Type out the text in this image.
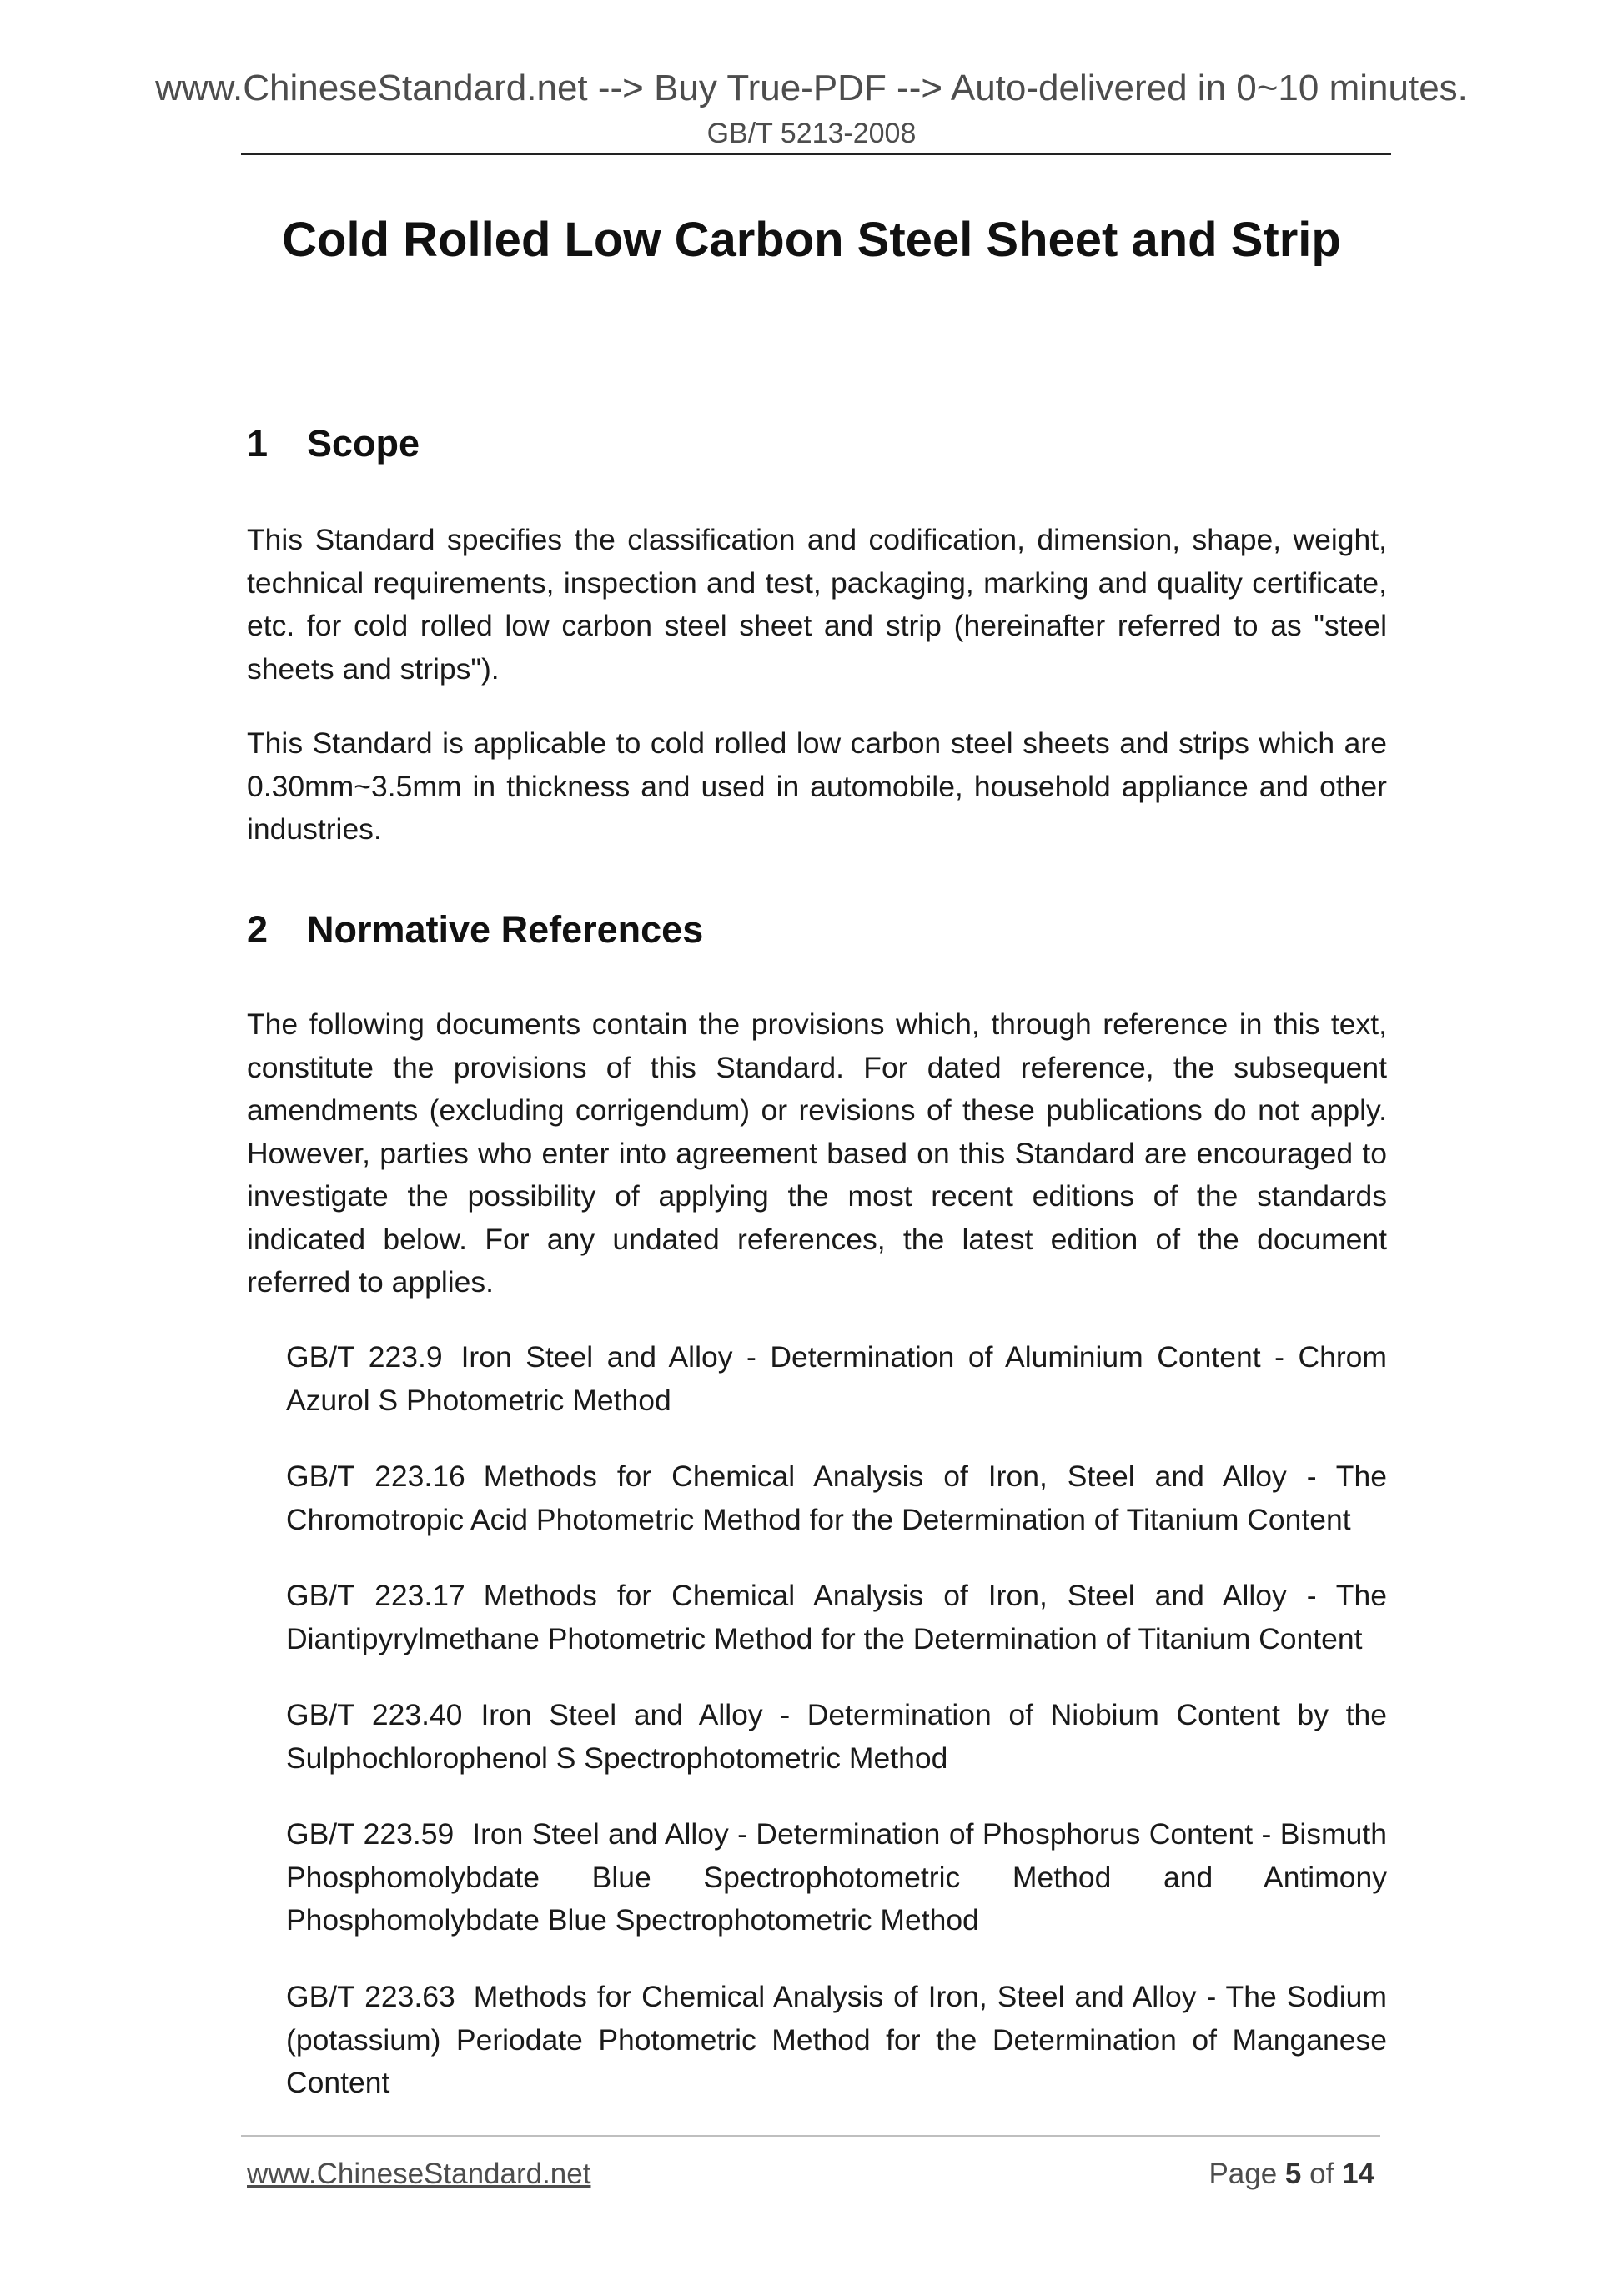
www.ChineseStandard.net --> Buy True-PDF --> Auto-delivered in 0~10 minutes.
GB/T 5213-2008
Cold Rolled Low Carbon Steel Sheet and Strip
1 Scope
This Standard specifies the classification and codification, dimension, shape, weight, technical requirements, inspection and test, packaging, marking and quality certificate, etc. for cold rolled low carbon steel sheet and strip (hereinafter referred to as "steel sheets and strips").
This Standard is applicable to cold rolled low carbon steel sheets and strips which are 0.30mm~3.5mm in thickness and used in automobile, household appliance and other industries.
2 Normative References
The following documents contain the provisions which, through reference in this text, constitute the provisions of this Standard. For dated reference, the subsequent amendments (excluding corrigendum) or revisions of these publications do not apply. However, parties who enter into agreement based on this Standard are encouraged to investigate the possibility of applying the most recent editions of the standards indicated below. For any undated references, the latest edition of the document referred to applies.
GB/T 223.9 Iron Steel and Alloy - Determination of Aluminium Content - Chrom Azurol S Photometric Method
GB/T 223.16 Methods for Chemical Analysis of Iron, Steel and Alloy - The Chromotropic Acid Photometric Method for the Determination of Titanium Content
GB/T 223.17 Methods for Chemical Analysis of Iron, Steel and Alloy - The Diantipyrylmethane Photometric Method for the Determination of Titanium Content
GB/T 223.40 Iron Steel and Alloy - Determination of Niobium Content by the Sulphochlorophenol S Spectrophotometric Method
GB/T 223.59 Iron Steel and Alloy - Determination of Phosphorus Content - Bismuth Phosphomolybdate Blue Spectrophotometric Method and Antimony Phosphomolybdate Blue Spectrophotometric Method
GB/T 223.63 Methods for Chemical Analysis of Iron, Steel and Alloy - The Sodium (potassium) Periodate Photometric Method for the Determination of Manganese Content
www.ChineseStandard.net	Page 5 of 14
